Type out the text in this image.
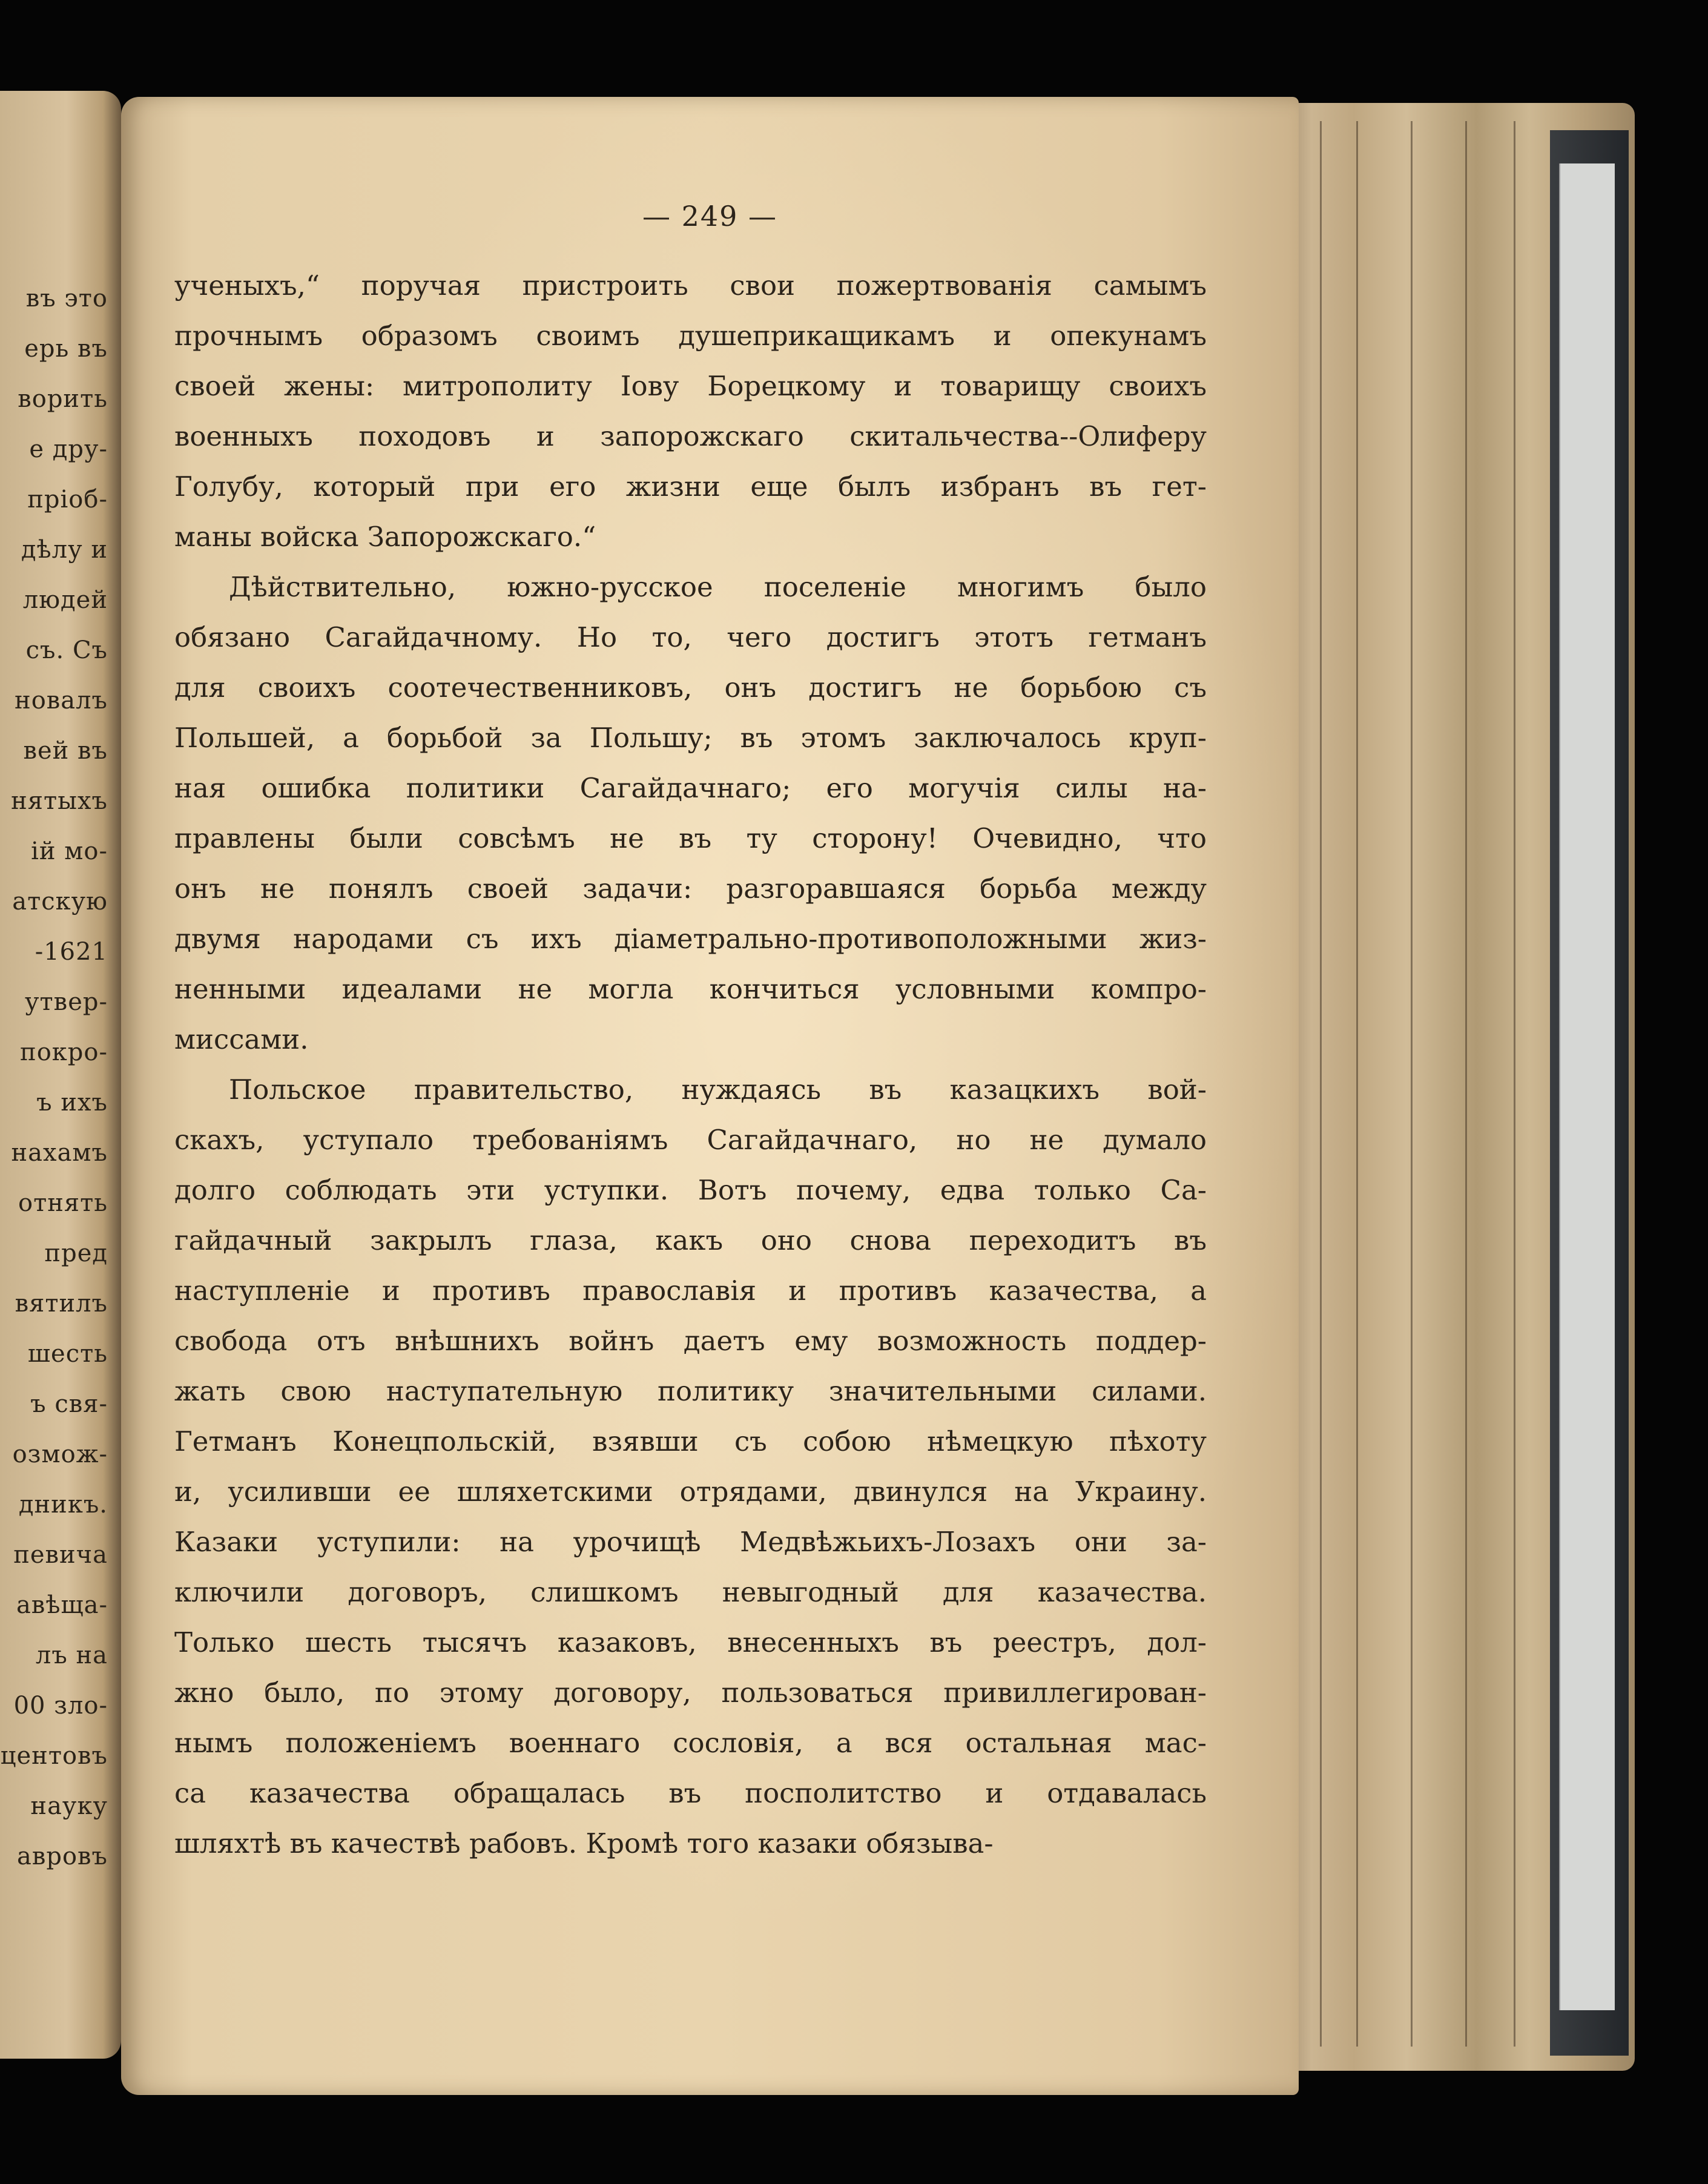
въ это
ерь въ
ворить
е дру-
пріоб-
дѣлу и
людей
съ. Съ
новалъ
вей въ
нятыхъ
ій мо-
атскую
-1621
утвер-
покро-
ъ ихъ
нахамъ
отнять
пред
вятилъ
шесть
ъ свя-
озмож-
дникъ.
певича
авѣща-
лъ на
00 зло-
центовъ
науку
авровъ
— 249 —
ученыхъ,“ поручая пристроить свои пожертвованія самымъ
прочнымъ образомъ своимъ душеприкащикамъ и опекунамъ
своей жены: митрополиту Іову Борецкому и товарищу своихъ
военныхъ походовъ и запорожскаго скитальчества--Олиферу
Голубу, который при его жизни еще былъ избранъ въ гет-
маны войска Запорожскаго.“
Дѣйствительно, южно-русское поселеніе многимъ было
обязано Сагайдачному. Но то, чего достигъ этотъ гетманъ
для своихъ соотечественниковъ, онъ достигъ не борьбою съ
Польшей, а борьбой за Польшу; въ этомъ заключалось круп-
ная ошибка политики Сагайдачнаго; его могучія силы на-
правлены были совсѣмъ не въ ту сторону! Очевидно, что
онъ не понялъ своей задачи: разгоравшаяся борьба между
двумя народами съ ихъ діаметрально-противоположными жиз-
ненными идеалами не могла кончиться условными компро-
миссами.
Польское правительство, нуждаясь въ казацкихъ вой-
скахъ, уступало требованіямъ Сагайдачнаго, но не думало
долго соблюдать эти уступки. Вотъ почему, едва только Са-
гайдачный закрылъ глаза, какъ оно снова переходитъ въ
наступленіе и противъ православія и противъ казачества, а
свобода отъ внѣшнихъ войнъ даетъ ему возможность поддер-
жать свою наступательную политику значительными силами.
Гетманъ Конецпольскій, взявши съ собою нѣмецкую пѣхоту
и, усиливши ее шляхетскими отрядами, двинулся на Украину.
Казаки уступили: на урочищѣ Медвѣжьихъ-Лозахъ они за-
ключили договоръ, слишкомъ невыгодный для казачества.
Только шесть тысячъ казаковъ, внесенныхъ въ реестръ, дол-
жно было, по этому договору, пользоваться привиллегирован-
нымъ положеніемъ военнаго сословія, а вся остальная мас-
са казачества обращалась въ посполитство и отдавалась
шляхтѣ въ качествѣ рабовъ. Кромѣ того казаки обязыва-
